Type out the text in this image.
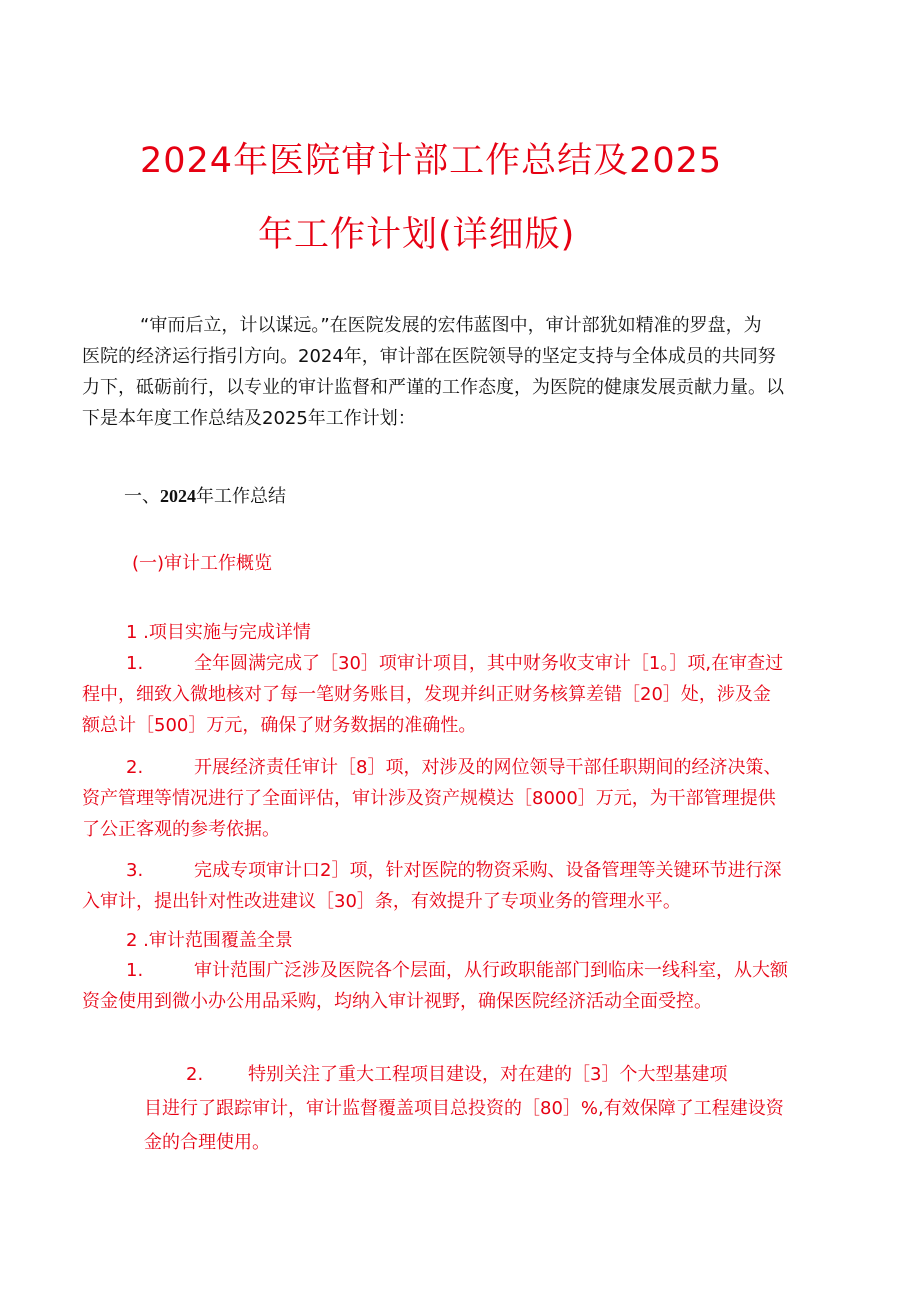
2024年医院审计部工作总结及2025
年工作计划(详细版)
“审而后立，计以谋远。”在医院发展的宏伟蓝图中，审计部犹如精准的罗盘，为
医院的经济运行指引方向。2024年，审计部在医院领导的坚定支持与全体成员的共同努
力下，砥砺前行，以专业的审计监督和严谨的工作态度，为医院的健康发展贡献力量。以
下是本年度工作总结及2025年工作计划：
一、2024年工作总结
(一)审计工作概览
1 .项目实施与完成详情
1.	全年圆满完成了［30］项审计项目，其中财务收支审计［1。］项,在审查过
程中，细致入微地核对了每一笔财务账目，发现并纠正财务核算差错［20］处，涉及金
额总计［500］万元，确保了财务数据的准确性。
2.	开展经济责任审计［8］项，对涉及的网位领导干部任职期间的经济决策、
资产管理等情况进行了全面评估，审计涉及资产规模达［8000］万元，为干部管理提供
了公正客观的参考依据。
3.	完成专项审计口2］项，针对医院的物资采购、设备管理等关键环节进行深
入审计，提出针对性改进建议［30］条，有效提升了专项业务的管理水平。
2 .审计范围覆盖全景
1.	审计范围广泛涉及医院各个层面，从行政职能部门到临床一线科室，从大额
资金使用到微小办公用品采购，均纳入审计视野，确保医院经济活动全面受控。
2. 特别关注了重大工程项目建设，对在建的［3］个大型基建项
目进行了跟踪审计，审计监督覆盖项目总投资的［80］%,有效保障了工程建设资
金的合理使用。
